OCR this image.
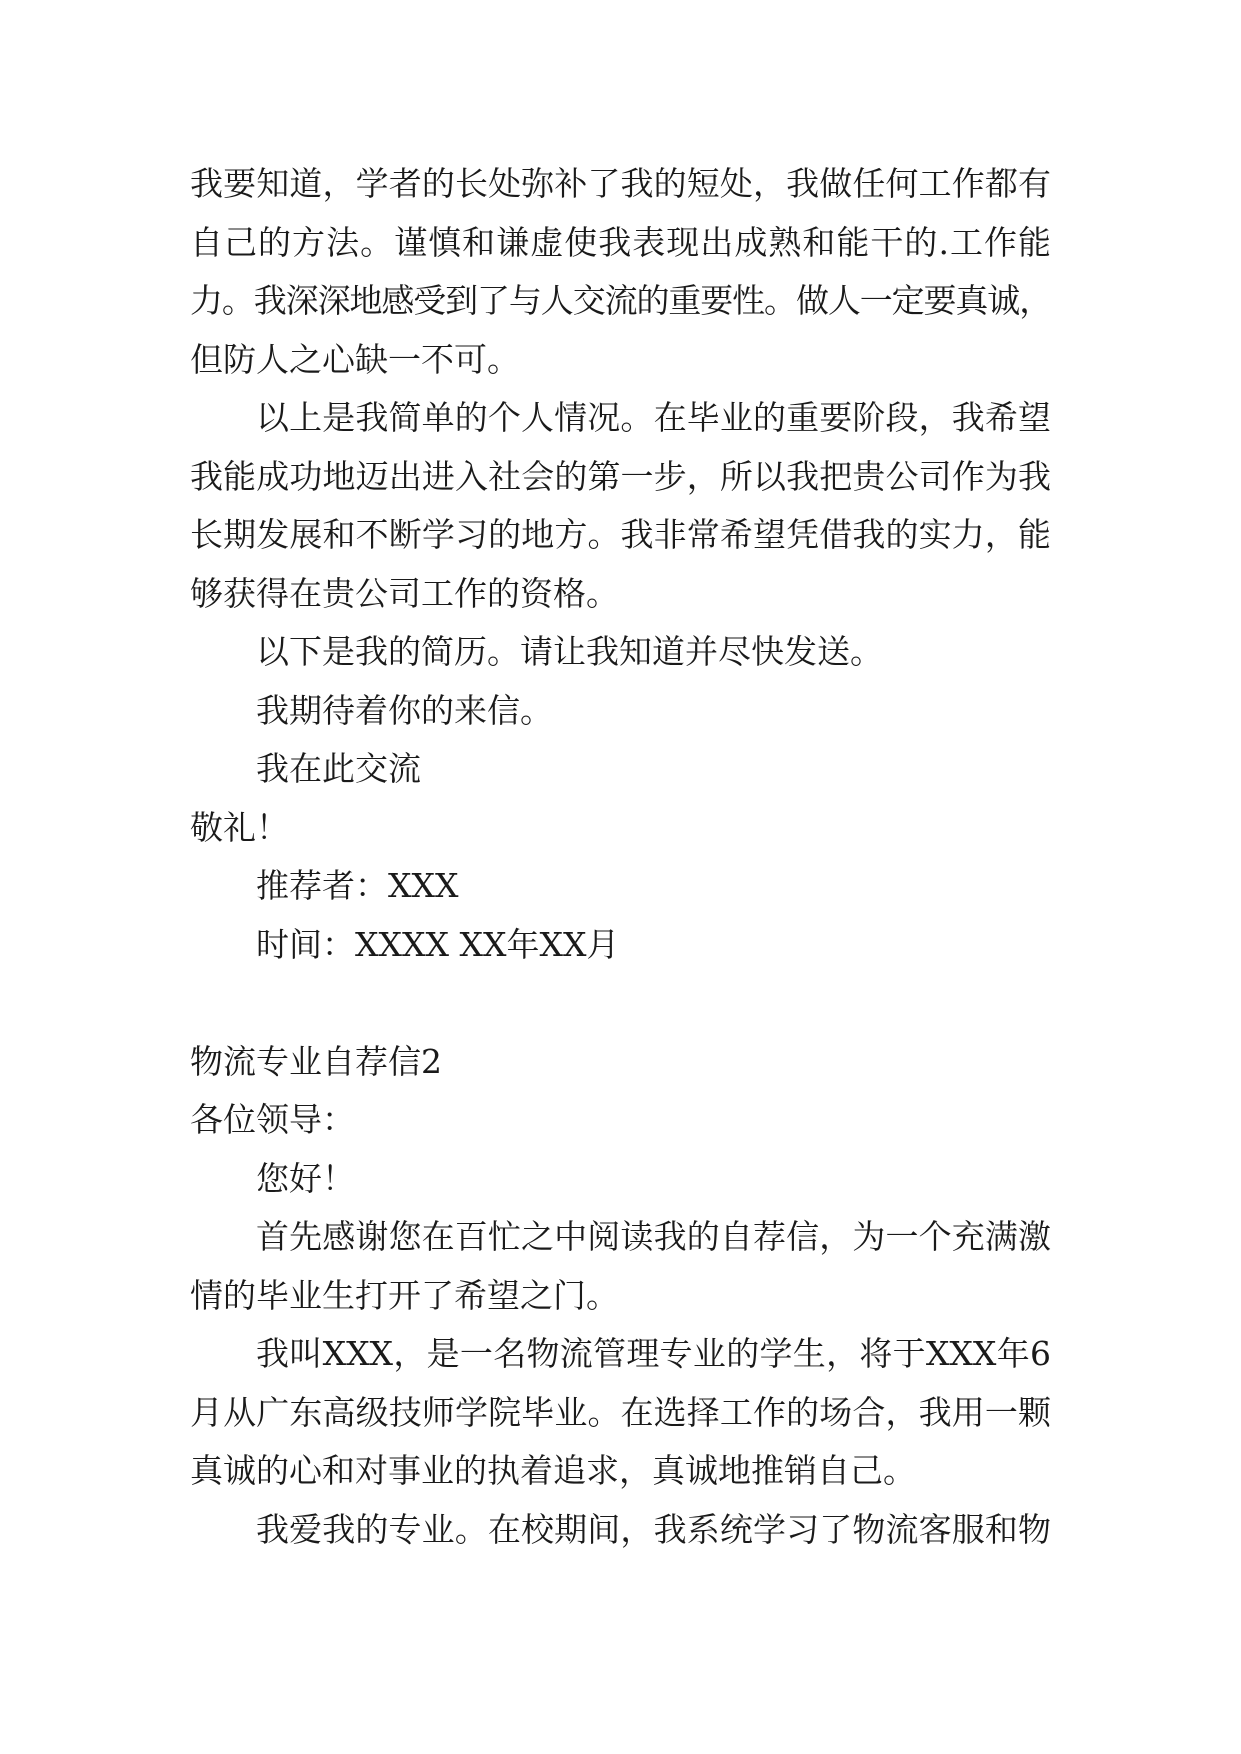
我要知道，学者的长处弥补了我的短处，我做任何工作都有
自己的方法。谨慎和谦虚使我表现出成熟和能干的.工作能
力。我深深地感受到了与人交流的重要性。做人一定要真诚，
但防人之心缺一不可。
以上是我简单的个人情况。在毕业的重要阶段，我希望
我能成功地迈出进入社会的第一步，所以我把贵公司作为我
长期发展和不断学习的地方。我非常希望凭借我的实力，能
够获得在贵公司工作的资格。
以下是我的简历。请让我知道并尽快发送。
我期待着你的来信。
我在此交流
敬礼！
推荐者：XXX
时间：XXXX XX年XX月
物流专业自荐信2
各位领导：
您好！
首先感谢您在百忙之中阅读我的自荐信，为一个充满激
情的毕业生打开了希望之门。
我叫XXX，是一名物流管理专业的学生，将于XXX年6
月从广东高级技师学院毕业。在选择工作的场合，我用一颗
真诚的心和对事业的执着追求，真诚地推销自己。
我爱我的专业。在校期间，我系统学习了物流客服和物
